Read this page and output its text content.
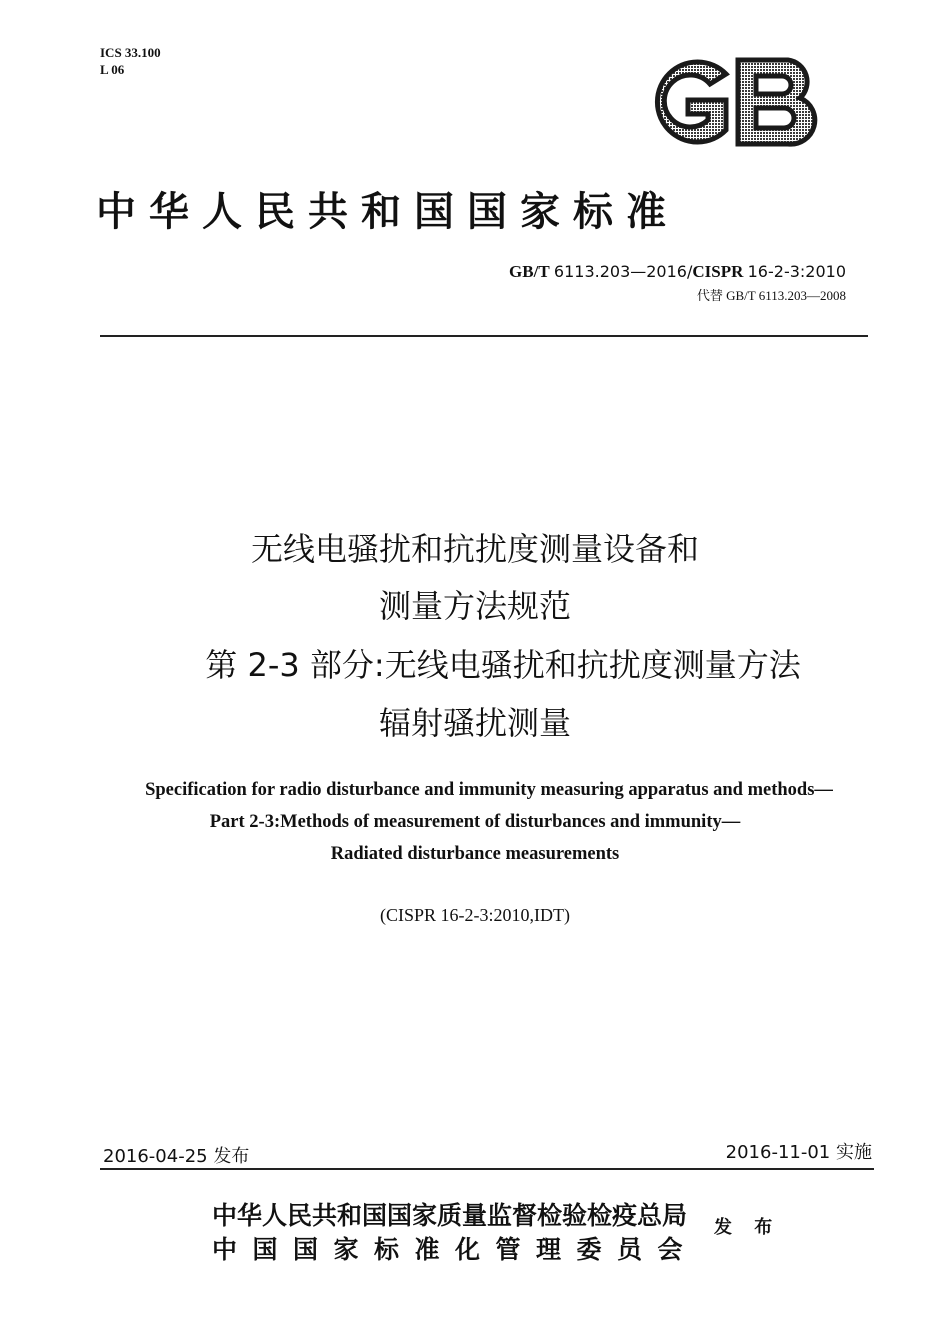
ICS 33.100
L 06
中华人民共和国国家标准
GB/T 6113.203—2016/CISPR 16-2-3:2010
代替 GB/T 6113.203—2008
无线电骚扰和抗扰度测量设备和
测量方法规范
第 2-3 部分:无线电骚扰和抗扰度测量方法
辐射骚扰测量
Specification for radio disturbance and immunity measuring apparatus and methods—
Part 2-3:Methods of measurement of disturbances and immunity—
Radiated disturbance measurements
(CISPR 16-2-3:2010,IDT)
2016-04-25 发布	2016-11-01 实施
中华人民共和国国家质量监督检验检疫总局
中国国家标准化管理委员会
发 布
